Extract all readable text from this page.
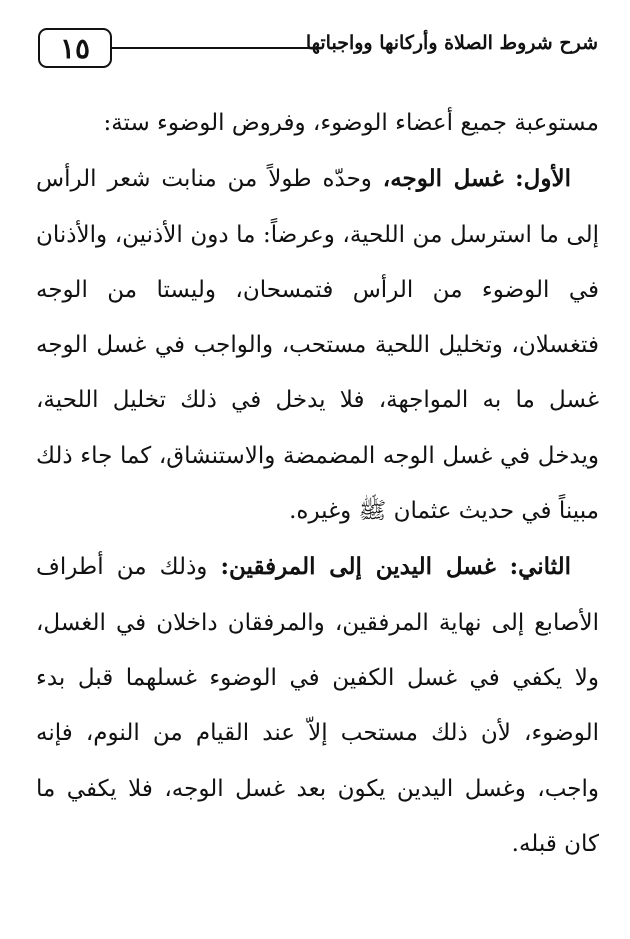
١٥	شرح شروط الصلاة وأركانها وواجباتها

مستوعبة جميع أعضاء الوضوء، وفروض الوضوء ستة:

الأول: غسل الوجه، وحدّه طولاً من منابت شعر الرأس إلى ما استرسل من اللحية، وعرضاً: ما دون الأذنين، والأذنان في الوضوء من الرأس فتمسحان، وليستا من الوجه فتغسلان، وتخليل اللحية مستحب، والواجب في غسل الوجه غسل ما به المواجهة، فلا يدخل في ذلك تخليل اللحية، ويدخل في غسل الوجه المضمضة والاستنشاق، كما جاء ذلك مبيناً في حديث عثمان ﷺ وغيره.

الثاني: غسل اليدين إلى المرفقين: وذلك من أطراف الأصابع إلى نهاية المرفقين، والمرفقان داخلان في الغسل، ولا يكفي في غسل الكفين في الوضوء غسلهما قبل بدء الوضوء، لأن ذلك مستحب إلاّ عند القيام من النوم، فإنه واجب، وغسل اليدين يكون بعد غسل الوجه، فلا يكفي ما كان قبله.
